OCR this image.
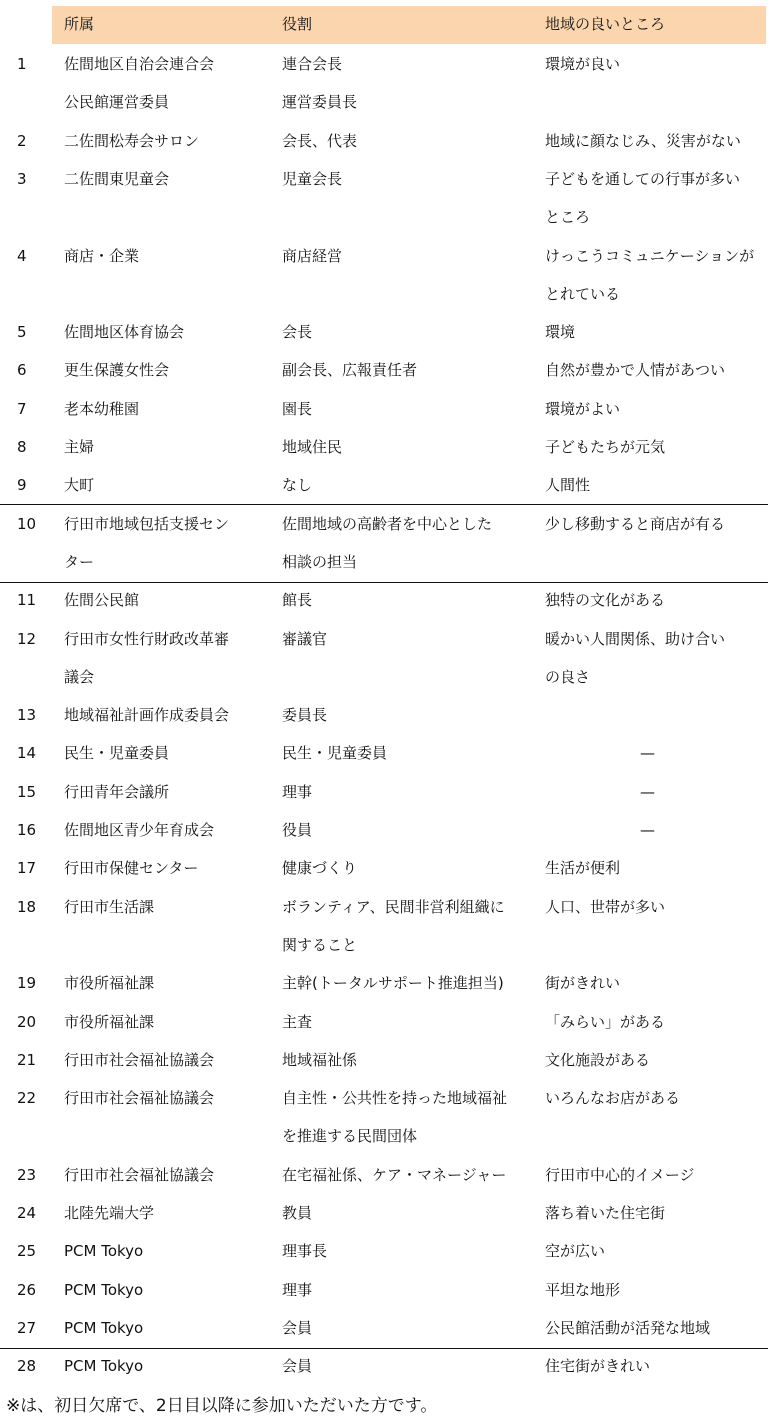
所属	役割	地域の良いところ
1 佐間地区自治会連合会	連合会長	環境が良い
公民館運営委員	運営委員長
2 二佐間松寿会サロン	会長、代表	地域に顔なじみ、災害がない
3 二佐間東児童会	児童会長	子どもを通しての行事が多い
ところ
4 商店・企業	商店経営	けっこうコミュニケーションが
とれている
5 佐間地区体育協会	会長	環境
6 更生保護女性会	副会長、広報責任者	自然が豊かで人情があつい
7 老本幼稚園	園長	環境がよい
8 主婦	地域住民	子どもたちが元気
9 大町	なし	人間性
10 行田市地域包括支援セン	佐間地域の高齢者を中心とした	少し移動すると商店が有る
ター	相談の担当
11 佐間公民館	館長	独特の文化がある
12 行田市女性行財政改革審	審議官	暖かい人間関係、助け合い
議会	の良さ
13 地域福祉計画作成委員会	委員長
14 民生・児童委員	民生・児童委員	—
15 行田青年会議所	理事	—
16 佐間地区青少年育成会	役員	—
17 行田市保健センター	健康づくり	生活が便利
18 行田市生活課	ボランティア、民間非営利組織に	人口、世帯が多い
関すること
19 市役所福祉課	主幹(トータルサポート推進担当)	街がきれい
20 市役所福祉課	主査	「みらい」がある
21 行田市社会福祉協議会	地域福祉係	文化施設がある
22 行田市社会福祉協議会	自主性・公共性を持った地域福祉	いろんなお店がある
を推進する民間団体
23 行田市社会福祉協議会	在宅福祉係、ケア・マネージャー	行田市中心的イメージ
24 北陸先端大学	教員	落ち着いた住宅街
25 PCM Tokyo	理事長	空が広い
26 PCM Tokyo	理事	平坦な地形
27 PCM Tokyo	会員	公民館活動が活発な地域
28 PCM Tokyo	会員	住宅街がきれい
※は、初日欠席で、2日目以降に参加いただいた方です。
